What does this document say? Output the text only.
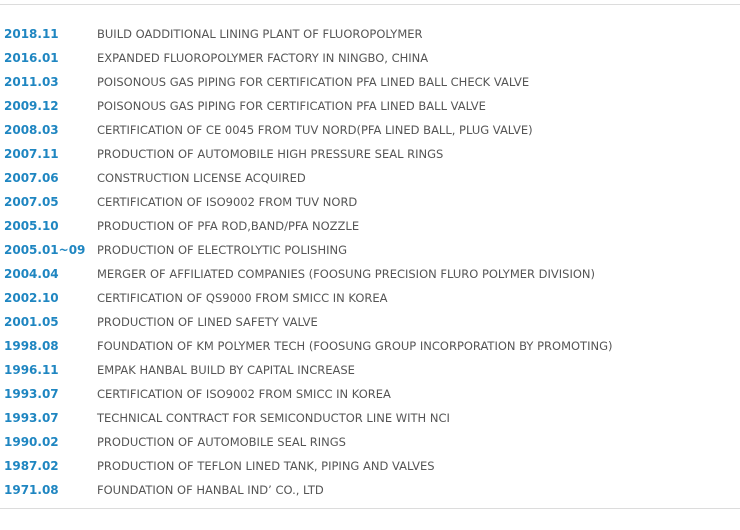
2018.11	BUILD OADDITIONAL LINING PLANT OF FLUOROPOLYMER
2016.01	EXPANDED FLUOROPOLYMER FACTORY IN NINGBO, CHINA
2011.03	POISONOUS GAS PIPING FOR CERTIFICATION PFA LINED BALL CHECK VALVE
2009.12	POISONOUS GAS PIPING FOR CERTIFICATION PFA LINED BALL VALVE
2008.03	CERTIFICATION OF CE 0045 FROM TUV NORD(PFA LINED BALL, PLUG VALVE)
2007.11	PRODUCTION OF AUTOMOBILE HIGH PRESSURE SEAL RINGS
2007.06	CONSTRUCTION LICENSE ACQUIRED
2007.05	CERTIFICATION OF ISO9002 FROM TUV NORD
2005.10	PRODUCTION OF PFA ROD,BAND/PFA NOZZLE
2005.01~09	PRODUCTION OF ELECTROLYTIC POLISHING
2004.04	MERGER OF AFFILIATED COMPANIES (FOOSUNG PRECISION FLURO POLYMER DIVISION)
2002.10	CERTIFICATION OF QS9000 FROM SMICC IN KOREA
2001.05	PRODUCTION OF LINED SAFETY VALVE
1998.08	FOUNDATION OF KM POLYMER TECH (FOOSUNG GROUP INCORPORATION BY PROMOTING)
1996.11	EMPAK HANBAL BUILD BY CAPITAL INCREASE
1993.07	CERTIFICATION OF ISO9002 FROM SMICC IN KOREA
1993.07	TECHNICAL CONTRACT FOR SEMICONDUCTOR LINE WITH NCI
1990.02	PRODUCTION OF AUTOMOBILE SEAL RINGS
1987.02	PRODUCTION OF TEFLON LINED TANK, PIPING AND VALVES
1971.08	FOUNDATION OF HANBAL IND’ CO., LTD
